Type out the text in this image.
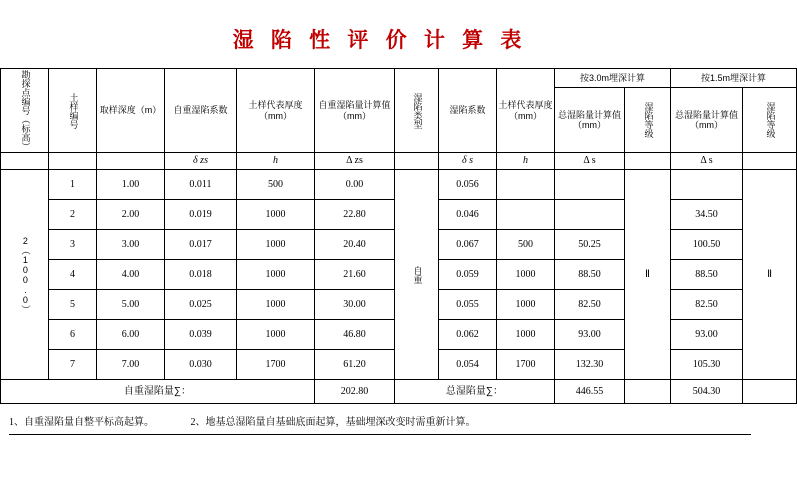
湿 陷 性 评 价 计 算 表
勘探点编号（标高）	土样编号	取样深度（m）	自重湿陷系数	土样代表厚度（mm）	自重湿陷量计算值（mm）	湿陷类型	湿陷系数	土样代表厚度（mm）	按3.0m埋深计算		按1.5m埋深计算	
									总湿陷量计算值（mm）	湿陷等级	总湿陷量计算值（mm）	湿陷等级

			δ zs	h	Δ zs		δ s	h	Δ s		Δ s	

2（100.0）	1	1.00	0.011	500	0.00	自重	0.056			Ⅱ		Ⅱ
	2	2.00	0.019	1000	22.80		0.046				34.50	
	3	3.00	0.017	1000	20.40		0.067	500	50.25		100.50	
	4	4.00	0.018	1000	21.60		0.059	1000	88.50		88.50	
	5	5.00	0.025	1000	30.00		0.055	1000	82.50		82.50	
	6	6.00	0.039	1000	46.80		0.062	1000	93.00		93.00	
	7	7.00	0.030	1700	61.20		0.054	1700	132.30		105.30	
自重湿陷量∑：					202.80	总湿陷量∑：			446.55		504.30	
1、自重湿陷量自整平标高起算。	2、地基总湿陷量自基础底面起算，基础埋深改变时需重新计算。
